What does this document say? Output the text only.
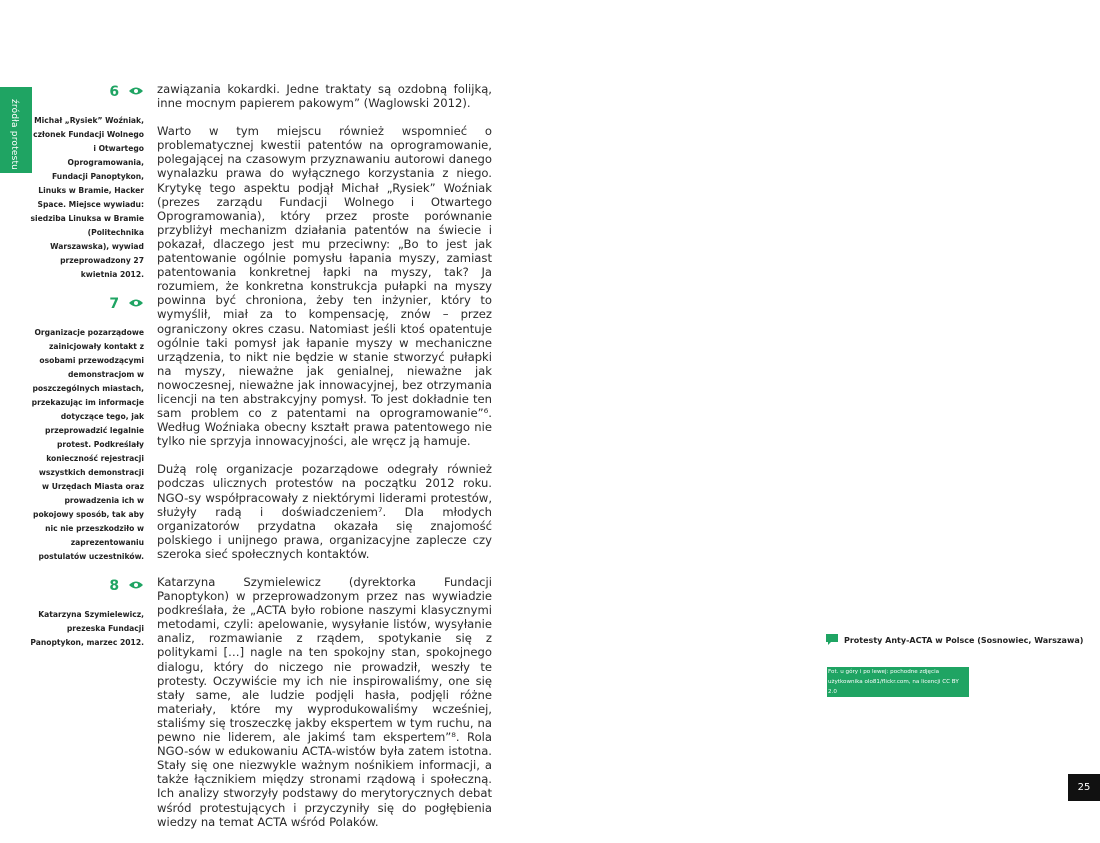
źródła protestu
6
Michał „Rysiek” Woźniak, członek Fundacji Wolnego i Otwartego Oprogramowania, Fundacji Panoptykon, Linuks w Bramie, Hacker Space. Miejsce wywiadu: siedziba Linuksa w Bramie (Politechnika Warszawska), wywiad przeprowadzony 27 kwietnia 2012.
7
Organizacje pozarządowe zainicjowały kontakt z osobami przewodzącymi demonstracjom w poszczególnych miastach, przekazując im informacje dotyczące tego, jak przeprowadzić legalnie protest. Podkreślały konieczność rejestracji wszystkich demonstracji w Urzędach Miasta oraz prowadzenia ich w pokojowy sposób, tak aby nic nie przeszkodziło w zaprezentowaniu postulatów uczestników.
8
Katarzyna Szymielewicz, prezeska Fundacji Panoptykon, marzec 2012.

zawiązania kokardki. Jedne traktaty są ozdobną folijką, inne mocnym papierem pakowym” (Waglowski 2012).

Warto w tym miejscu również wspomnieć o problematycznej kwestii patentów na oprogramowanie, polegającej na czasowym przyznawaniu autorowi danego wynalazku prawa do wyłącznego korzystania z niego. Krytykę tego aspektu podjął Michał „Rysiek” Woźniak (prezes zarządu Fundacji Wolnego i Otwartego Oprogramowania), który przez proste porównanie przybliżył mechanizm działania patentów na świecie i pokazał, dlaczego jest mu przeciwny: „Bo to jest jak patentowanie ogólnie pomysłu łapania myszy, zamiast patentowania konkretnej łapki na myszy, tak? Ja rozumiem, że konkretna konstrukcja pułapki na myszy powinna być chroniona, żeby ten inżynier, który to wymyślił, miał za to kompensację, znów – przez ograniczony okres czasu. Natomiast jeśli ktoś opatentuje ogólnie taki pomysł jak łapanie myszy w mechaniczne urządzenia, to nikt nie będzie w stanie stworzyć pułapki na myszy, nieważne jak genialnej, nieważne jak nowoczesnej, nieważne jak innowacyjnej, bez otrzymania licencji na ten abstrakcyjny pomysł. To jest dokładnie ten sam problem co z patentami na oprogramowanie”⁶. Według Woźniaka obecny kształt prawa patentowego nie tylko nie sprzyja innowacyjności, ale wręcz ją hamuje.

Dużą rolę organizacje pozarządowe odegrały również podczas ulicznych protestów na początku 2012 roku. NGO-sy współpracowały z niektórymi liderami protestów, służyły radą i doświadczeniem⁷. Dla młodych organizatorów przydatna okazała się znajomość polskiego i unijnego prawa, organizacyjne zaplecze czy szeroka sieć społecznych kontaktów.

Katarzyna Szymielewicz (dyrektorka Fundacji Panoptykon) w przeprowadzonym przez nas wywiadzie podkreślała, że „ACTA było robione naszymi klasycznymi metodami, czyli: apelowanie, wysyłanie listów, wysyłanie analiz, rozmawianie z rządem, spotykanie się z politykami […] nagle na ten spokojny stan, spokojnego dialogu, który do niczego nie prowadził, weszły te protesty. Oczywiście my ich nie inspirowaliśmy, one się stały same, ale ludzie podjęli hasła, podjęli różne materiały, które my wyprodukowaliśmy wcześniej, staliśmy się troszeczkę jakby ekspertem w tym ruchu, na pewno nie liderem, ale jakimś tam ekspertem”⁸. Rola NGO-sów w edukowaniu ACTA-wistów była zatem istotna. Stały się one niezwykle ważnym nośnikiem informacji, a także łącznikiem między stronami rządową i społeczną. Ich analizy stworzyły podstawy do merytorycznych debat wśród protestujących i przyczyniły się do pogłębienia wiedzy na temat ACTA wśród Polaków.

Protesty Anty-ACTA w Polsce (Sosnowiec, Warszawa)
Fot. u góry i po lewej: pochodne zdjęcia użytkownika olo81/flickr.com, na licencji CC BY 2.0
25
